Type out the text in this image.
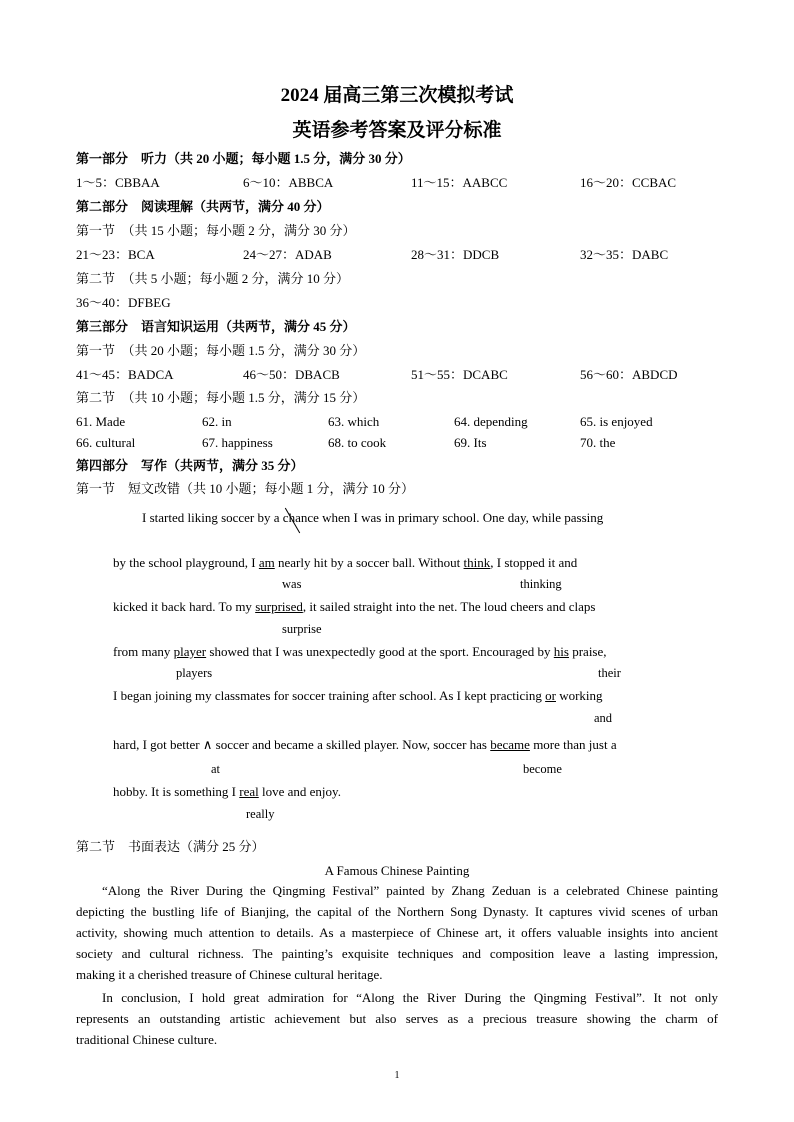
2024 届高三第三次模拟考试
英语参考答案及评分标准
第一部分　听力（共 20 小题；每小题 1.5 分，满分 30 分）
1～5：CBBAA	6～10：ABBCA	11～15：AABCC	16～20：CCBAC
第二部分　阅读理解（共两节，满分 40 分）
第一节　（共 15 小题；每小题 2 分，满分 30 分）
21～23：BCA	24～27：ADAB	28～31：DDCB	32～35：DABC
第二节　（共 5 小题；每小题 2 分，满分 10 分）
36～40：DFBEG
第三部分　语言知识运用（共两节，满分 45 分）
第一节　（共 20 小题；每小题 1.5 分，满分 30 分）
41～45：BADCA	46～50：DBACB	51～55：DCABC	56～60：ABDCD
第二节　（共 10 小题；每小题 1.5 分，满分 15 分）
61. Made	62. in	63. which	64. depending	65. is enjoyed
66. cultural	67. happiness	68. to cook	69. Its	70. the
第四部分　写作（共两节，满分 35 分）
第一节　短文改错（共 10 小题；每小题 1 分，满分 10 分）
I started liking soccer by a chance when I was in primary school. One day, while passing
by the school playground, I am nearly hit by a soccer ball. Without think, I stopped it and
was	thinking
kicked it back hard. To my surprised, it sailed straight into the net. The loud cheers and claps
surprise
from many player showed that I was unexpectedly good at the sport. Encouraged by his praise,
players	their
I began joining my classmates for soccer training after school. As I kept practicing or working
and
hard, I got better ∧ soccer and became a skilled player. Now, soccer has became more than just a
at	become
hobby. It is something I real love and enjoy.
really
第二节　书面表达（满分 25 分）
A Famous Chinese Painting
“Along the River During the Qingming Festival” painted by Zhang Zeduan is a celebrated Chinese painting
depicting the bustling life of Bianjing, the capital of the Northern Song Dynasty. It captures vivid scenes of urban
activity, showing much attention to details. As a masterpiece of Chinese art, it offers valuable insights into ancient
society and cultural richness. The painting’s exquisite techniques and composition leave a lasting impression,
making it a cherished treasure of Chinese cultural heritage.
In conclusion, I hold great admiration for “Along the River During the Qingming Festival”. It not only
represents an outstanding artistic achievement but also serves as a precious treasure showing the charm of
traditional Chinese culture.
1
